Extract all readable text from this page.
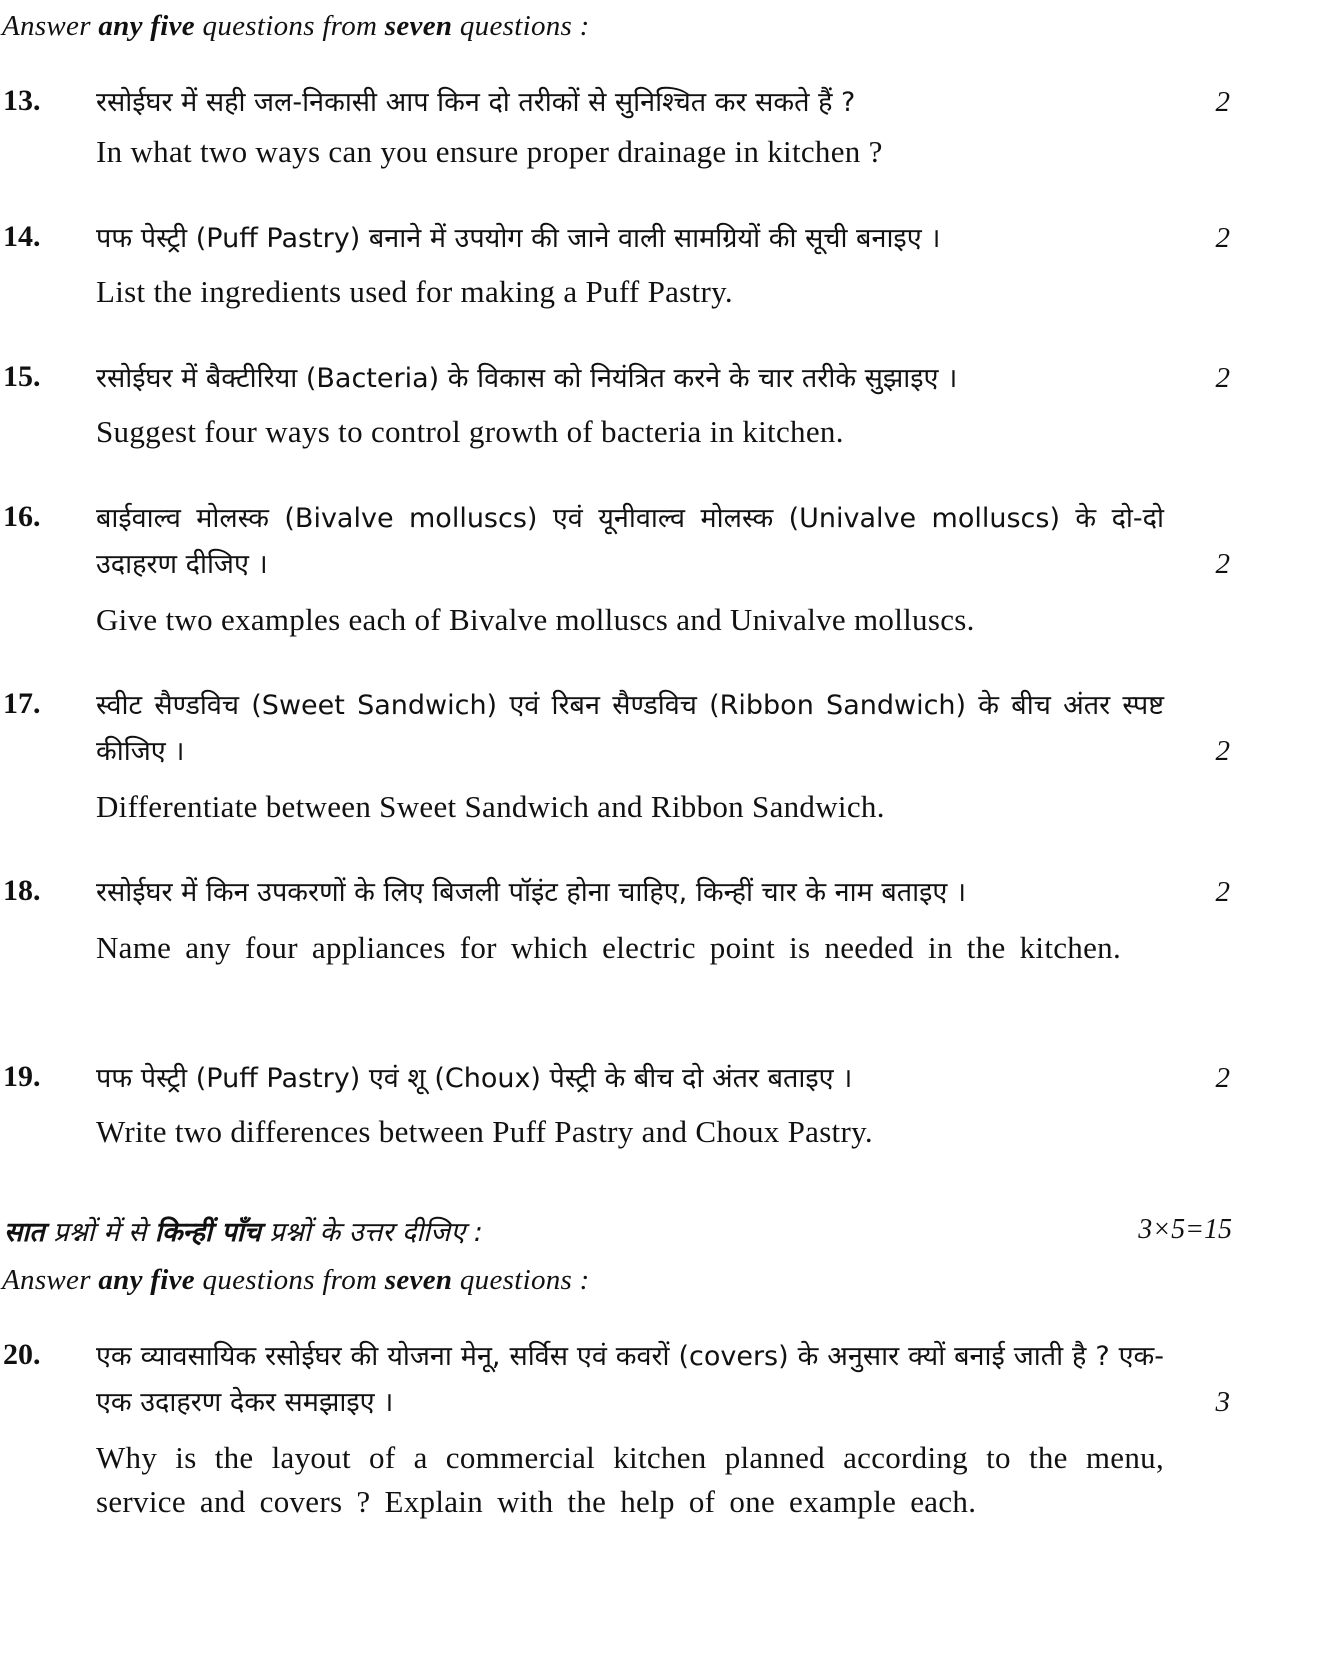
Answer any five questions from seven questions :
13. रसोईघर में सही जल-निकासी आप किन दो तरीकों से सुनिश्चित कर सकते हैं ?	2
In what two ways can you ensure proper drainage in kitchen ?
14. पफ पेस्ट्री (Puff Pastry) बनाने में उपयोग की जाने वाली सामग्रियों की सूची बनाइए ।	2
List the ingredients used for making a Puff Pastry.
15. रसोईघर में बैक्टीरिया (Bacteria) के विकास को नियंत्रित करने के चार तरीके सुझाइए ।	2
Suggest four ways to control growth of bacteria in kitchen.
16. बाईवाल्व मोलस्क (Bivalve molluscs) एवं यूनीवाल्व मोलस्क (Univalve molluscs) के दो-दो उदाहरण दीजिए ।	2
Give two examples each of Bivalve molluscs and Univalve molluscs.
17. स्वीट सैण्डविच (Sweet Sandwich) एवं रिबन सैण्डविच (Ribbon Sandwich) के बीच अंतर स्पष्ट कीजिए ।	2
Differentiate between Sweet Sandwich and Ribbon Sandwich.
18. रसोईघर में किन उपकरणों के लिए बिजली पॉइंट होना चाहिए, किन्हीं चार के नाम बताइए ।	2
Name any four appliances for which electric point is needed in the kitchen.
19. पफ पेस्ट्री (Puff Pastry) एवं शू (Choux) पेस्ट्री के बीच दो अंतर बताइए ।	2
Write two differences between Puff Pastry and Choux Pastry.
सात प्रश्नों में से किन्हीं पाँच प्रश्नों के उत्तर दीजिए :	3×5=15
Answer any five questions from seven questions :
20. एक व्यावसायिक रसोईघर की योजना मेनू, सर्विस एवं कवरों (covers) के अनुसार क्यों बनाई जाती है ? एक-एक उदाहरण देकर समझाइए ।	3
Why is the layout of a commercial kitchen planned according to the menu, service and covers ? Explain with the help of one example each.
